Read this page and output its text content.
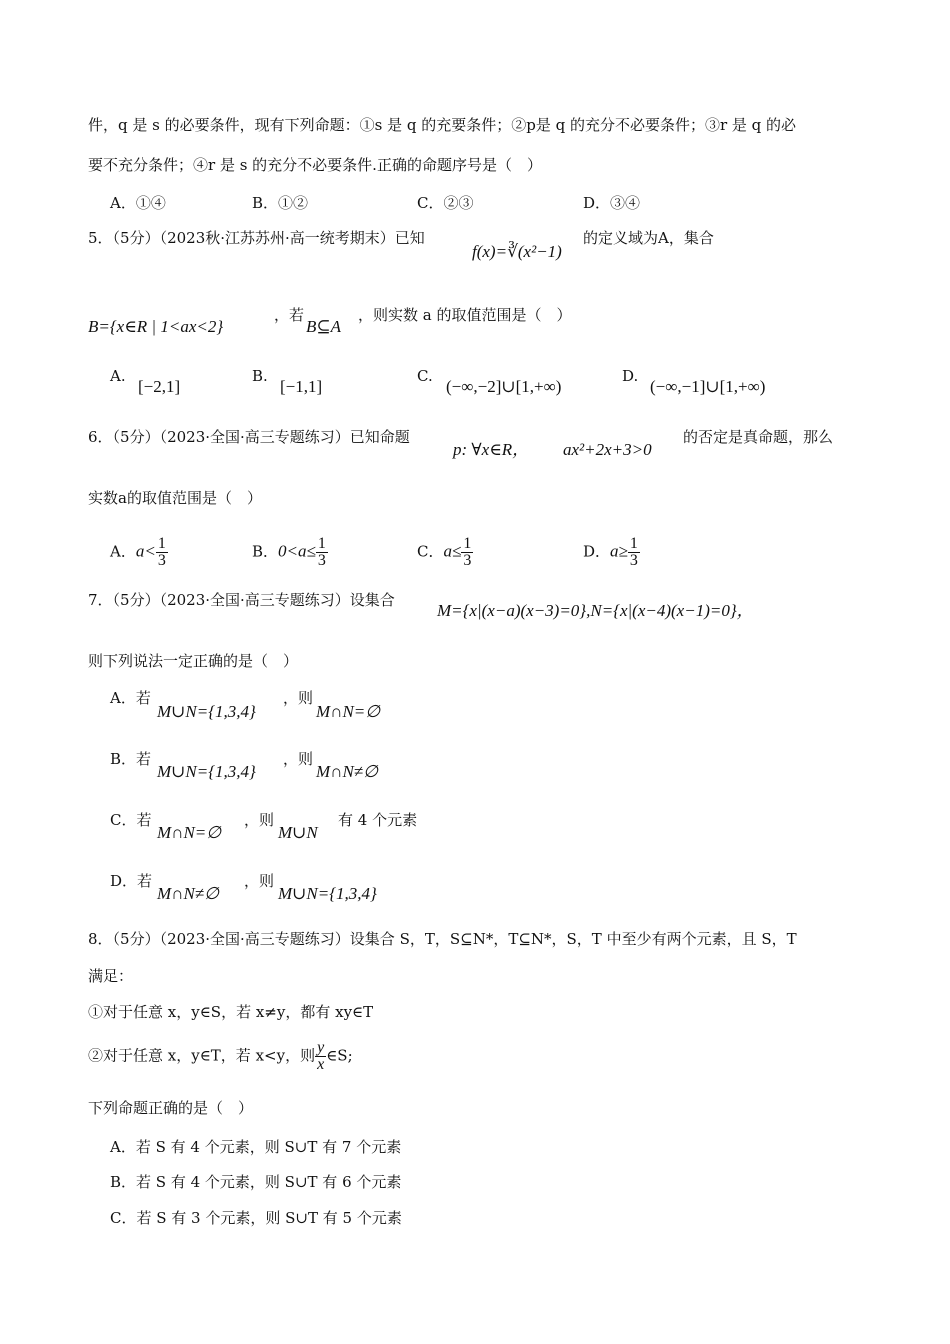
件，q 是 s 的必要条件，现有下列命题：①s 是 q 的充要条件；②p是 q 的充分不必要条件；③r 是 q 的必
要不充分条件；④r 是 s 的充分不必要条件.正确的命题序号是（　）
A．①④	B．①②	C．②③	D．③④
5．（5分）（2023秋·江苏苏州·高一统考期末）已知
f(x)=∛(x²−1)
的定义域为A，集合
B={x∈R | 1<ax<2}
，若
B⊆A
，则实数 a 的取值范围是（　）
A.
[−2,1]
B.
[−1,1]
C.
(−∞,−2]∪[1,+∞)
D.
(−∞,−1]∪[1,+∞)
6．（5分）（2023·全国·高三专题练习）已知命题
p: ∀x∈R， ax²+2x+3>0
的否定是真命题，那么
实数a的取值范围是（　）
A．$a< \frac{1}{3}$	B．$0<a\le \frac{1}{3}$	C．$a\le \frac{1}{3}$	D．$a\ge \frac{1}{3}$
7．（5分）（2023·全国·高三专题练习）设集合
M={x|(x−a)(x−3)=0},N={x|(x−4)(x−1)=0}，
则下列说法一定正确的是（　）
A．若
M∪N={1,3,4}
，则
M∩N=∅
B．若
M∪N={1,3,4}
，则
M∩N≠∅
C．若
M∩N=∅
，则
M∪N
有 4 个元素
D．若
M∩N≠∅
，则
M∪N={1,3,4}
8．（5分）（2023·全国·高三专题练习）设集合 S，T，S⊆N*，T⊆N*，S，T 中至少有两个元素，且 S，T
满足：
①对于任意 x，y∈S，若 x≠y，都有 xy∈T
②对于任意 x，y∈T，若 x<y，则 $\frac{y}{x}$ ∈S;
下列命题正确的是（　）
A．若 S 有 4 个元素，则 S∪T 有 7 个元素
B．若 S 有 4 个元素，则 S∪T 有 6 个元素
C．若 S 有 3 个元素，则 S∪T 有 5 个元素
